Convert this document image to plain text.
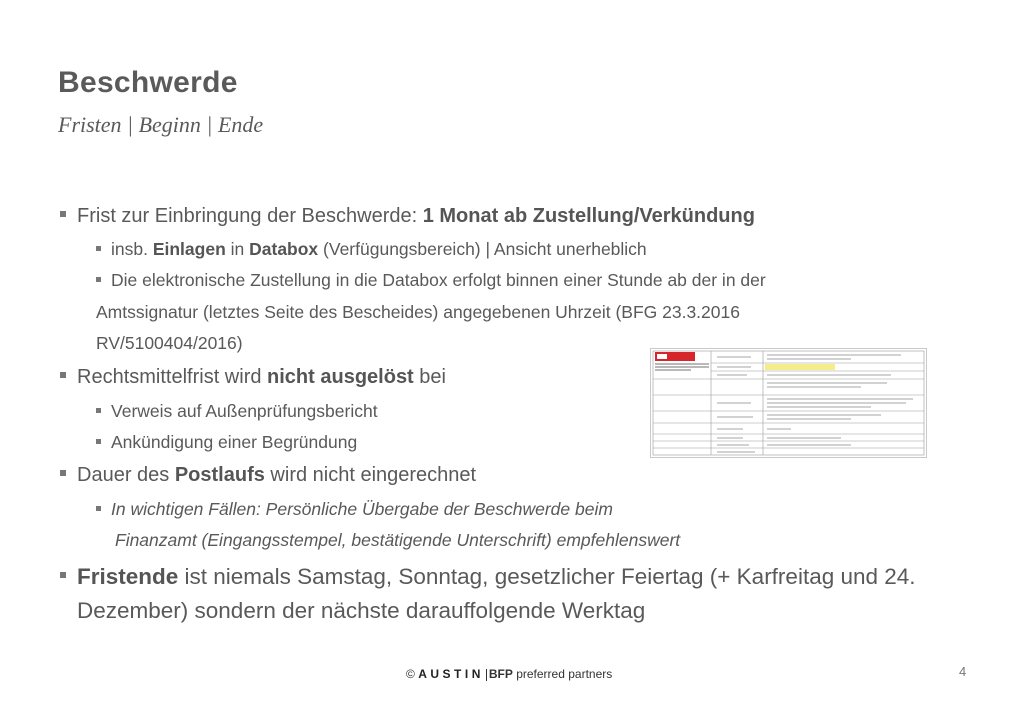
Beschwerde
Fristen | Beginn | Ende
Frist zur Einbringung der Beschwerde: 1 Monat ab Zustellung/Verkündung
insb. Einlagen in Databox (Verfügungsbereich) | Ansicht unerheblich
Die elektronische Zustellung in die Databox erfolgt binnen einer Stunde ab der in der
Amtssignatur (letztes Seite des Bescheides) angegebenen Uhrzeit (BFG 23.3.2016
RV/5100404/2016)
Rechtsmittelfrist wird nicht ausgelöst bei
Verweis auf Außenprüfungsbericht
Ankündigung einer Begründung
Dauer des Postlaufs wird nicht eingerechnet
In wichtigen Fällen: Persönliche Übergabe der Beschwerde beim
Finanzamt (Eingangsstempel, bestätigende Unterschrift) empfehlenswert
Fristende ist niemals Samstag, Sonntag, gesetzlicher Feiertag (+ Karfreitag und 24.
Dezember) sondern der nächste darauffolgende Werktag
© AUSTIN BFP preferred partners	4
